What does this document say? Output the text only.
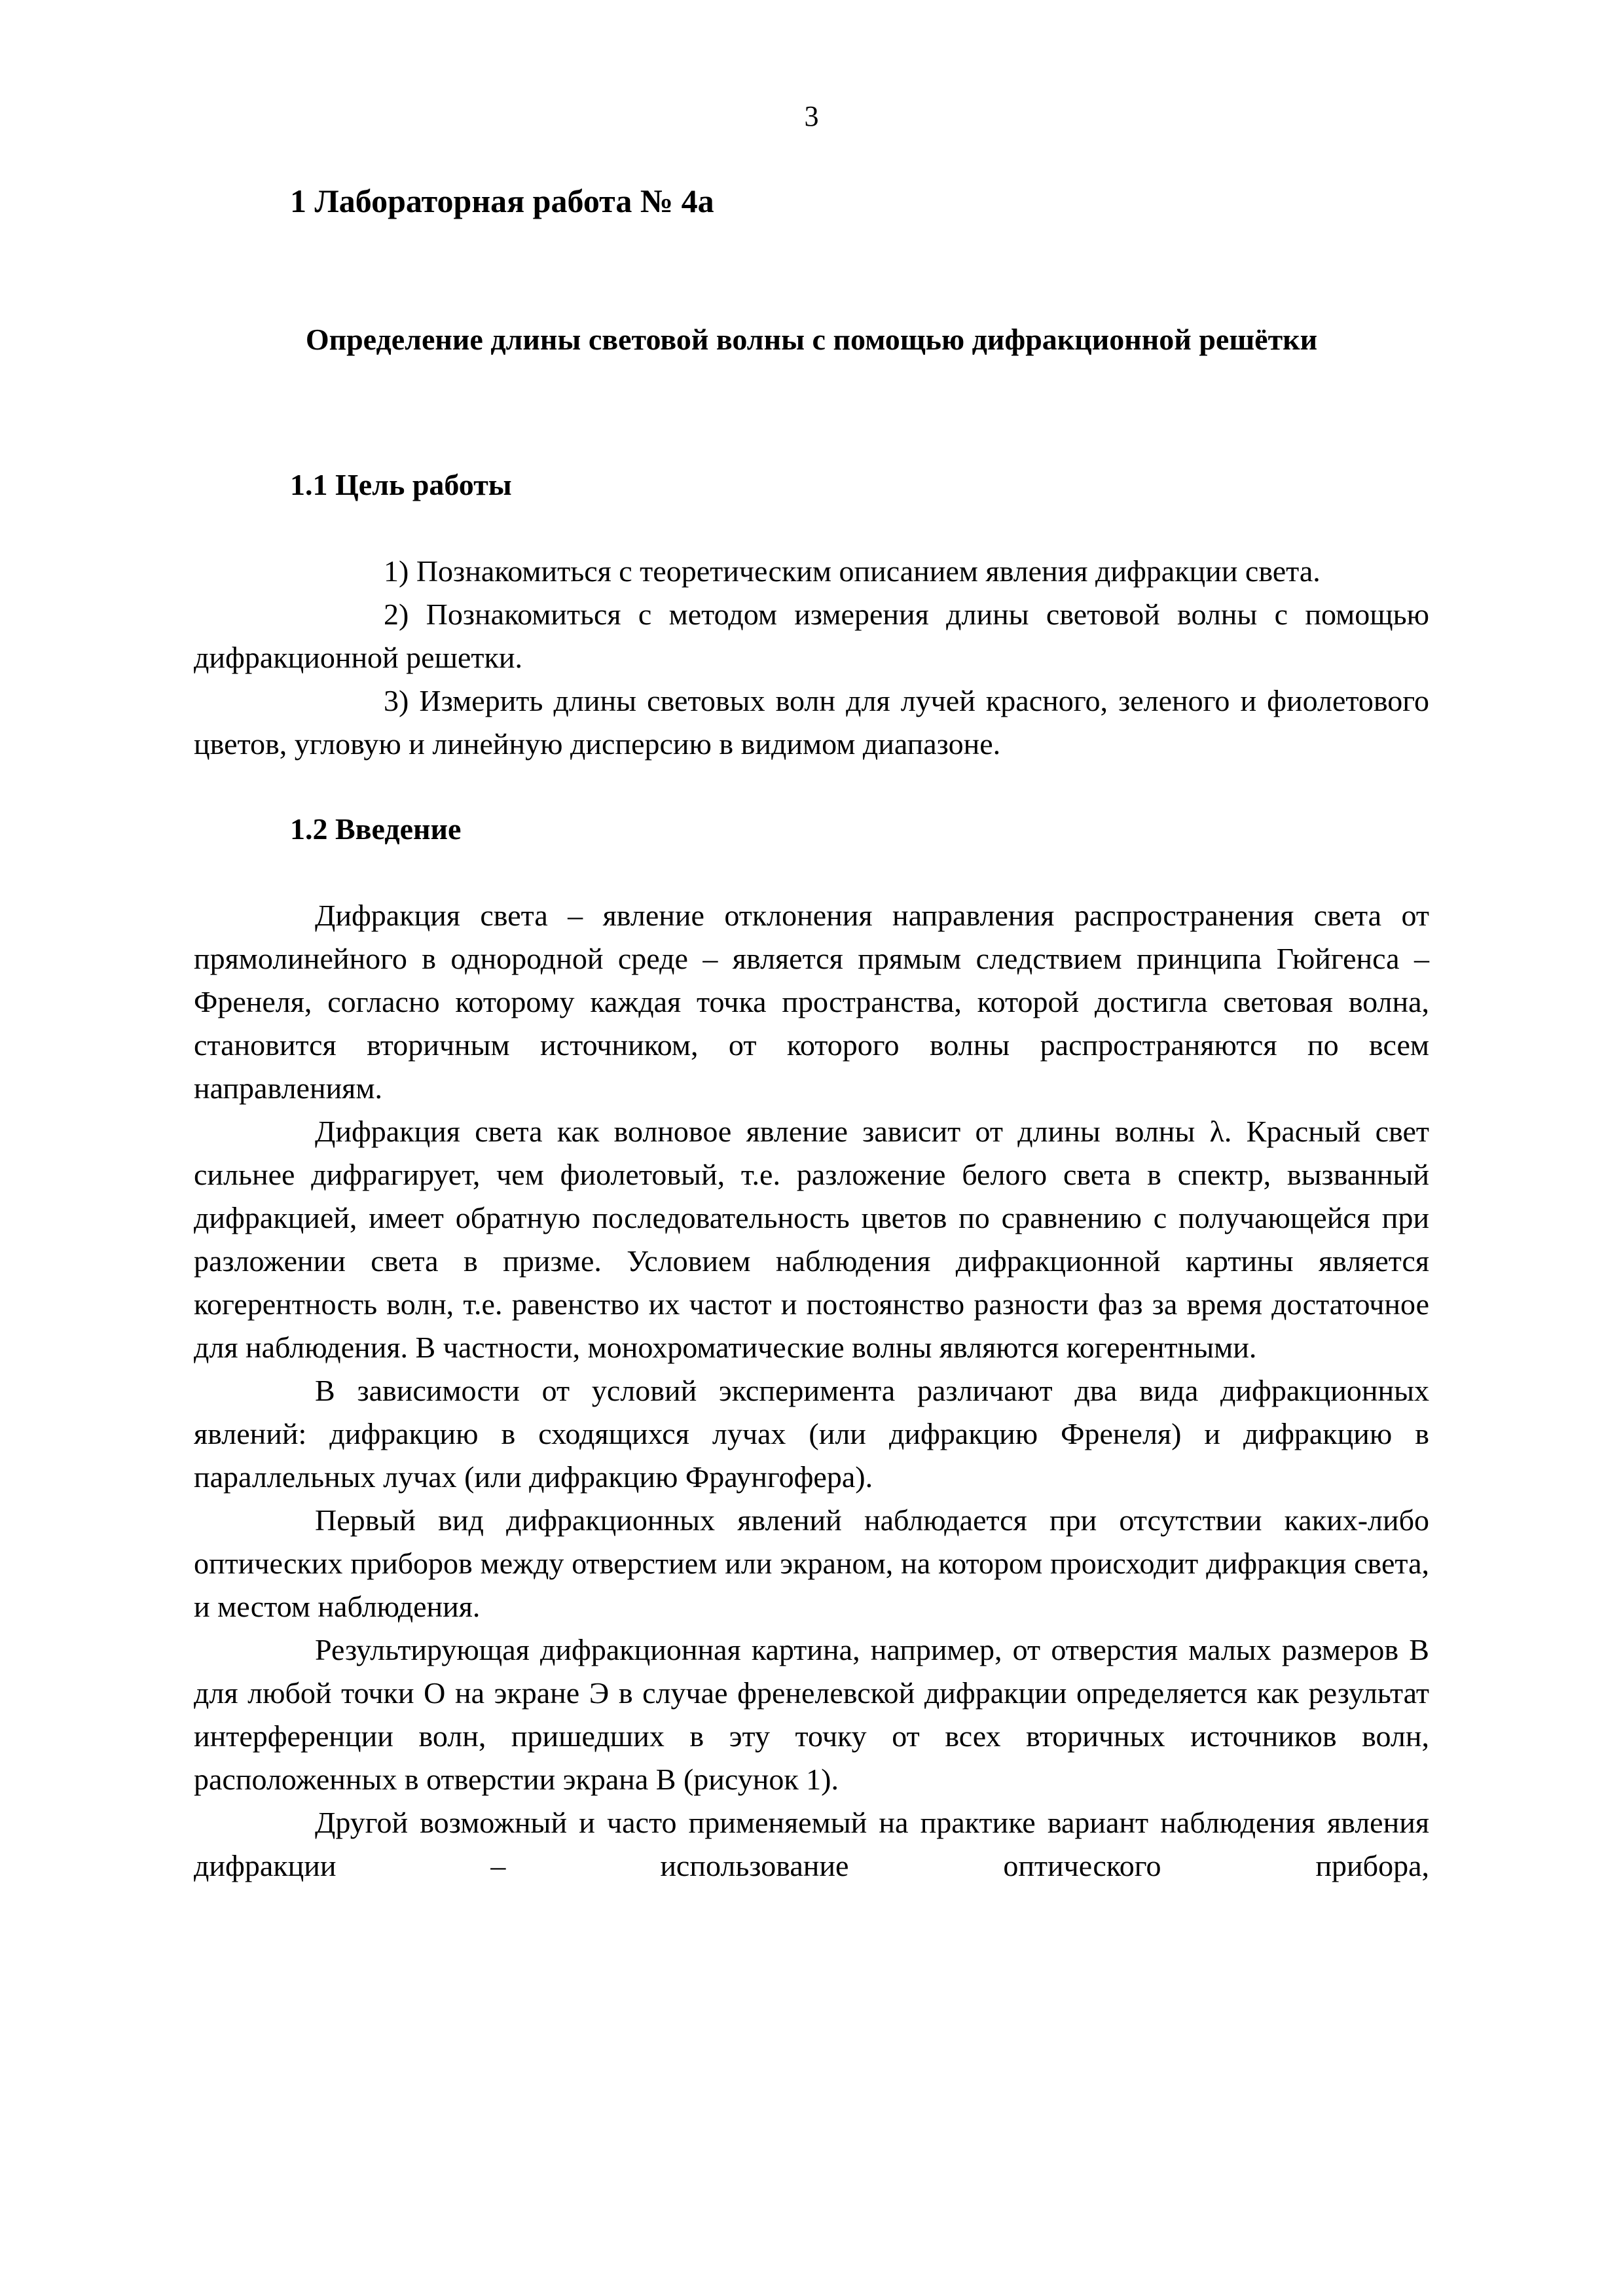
3
1 Лабораторная работа № 4а
Определение длины световой волны с помощью дифракционной решётки
1.1 Цель работы

1) Познакомиться с теоретическим описанием явления дифракции света.

2) Познакомиться с методом измерения длины световой волны с помощью дифракционной решетки.

3) Измерить длины световых волн для лучей красного, зеленого и фиолетового цветов, угловую и линейную дисперсию в видимом диапазоне.

1.2 Введение

Дифракция света – явление отклонения направления распространения света от прямолинейного в однородной среде – является прямым следствием принципа Гюйгенса – Френеля, согласно которому каждая точка пространства, которой достигла световая волна, становится вторичным источником, от которого волны распространяются по всем направлениям.

Дифракция света как волновое явление зависит от длины волны λ. Красный свет сильнее дифрагирует, чем фиолетовый, т.е. разложение белого света в спектр, вызванный дифракцией, имеет обратную последовательность цветов по сравнению с получающейся при разложении света в призме. Условием наблюдения дифракционной картины является когерентность волн, т.е. равенство их частот и постоянство разности фаз за время достаточное для наблюдения. В частности, монохроматические волны являются когерентными.

В зависимости от условий эксперимента различают два вида дифракционных явлений: дифракцию в сходящихся лучах (или дифракцию Френеля) и дифракцию в параллельных лучах (или дифракцию Фраунгофера).

Первый вид дифракционных явлений наблюдается при отсутствии каких-либо оптических приборов между отверстием или экраном, на котором происходит дифракция света, и местом наблюдения.

Результирующая дифракционная картина, например, от отверстия малых размеров В для любой точки О на экране Э в случае френелевской дифракции определяется как результат интерференции волн, пришедших в эту точку от всех вторичных источников волн, расположенных в отверстии экрана В (рисунок 1).

Другой возможный и часто применяемый на практике вариант наблюдения явления дифракции – использование оптического прибора,
